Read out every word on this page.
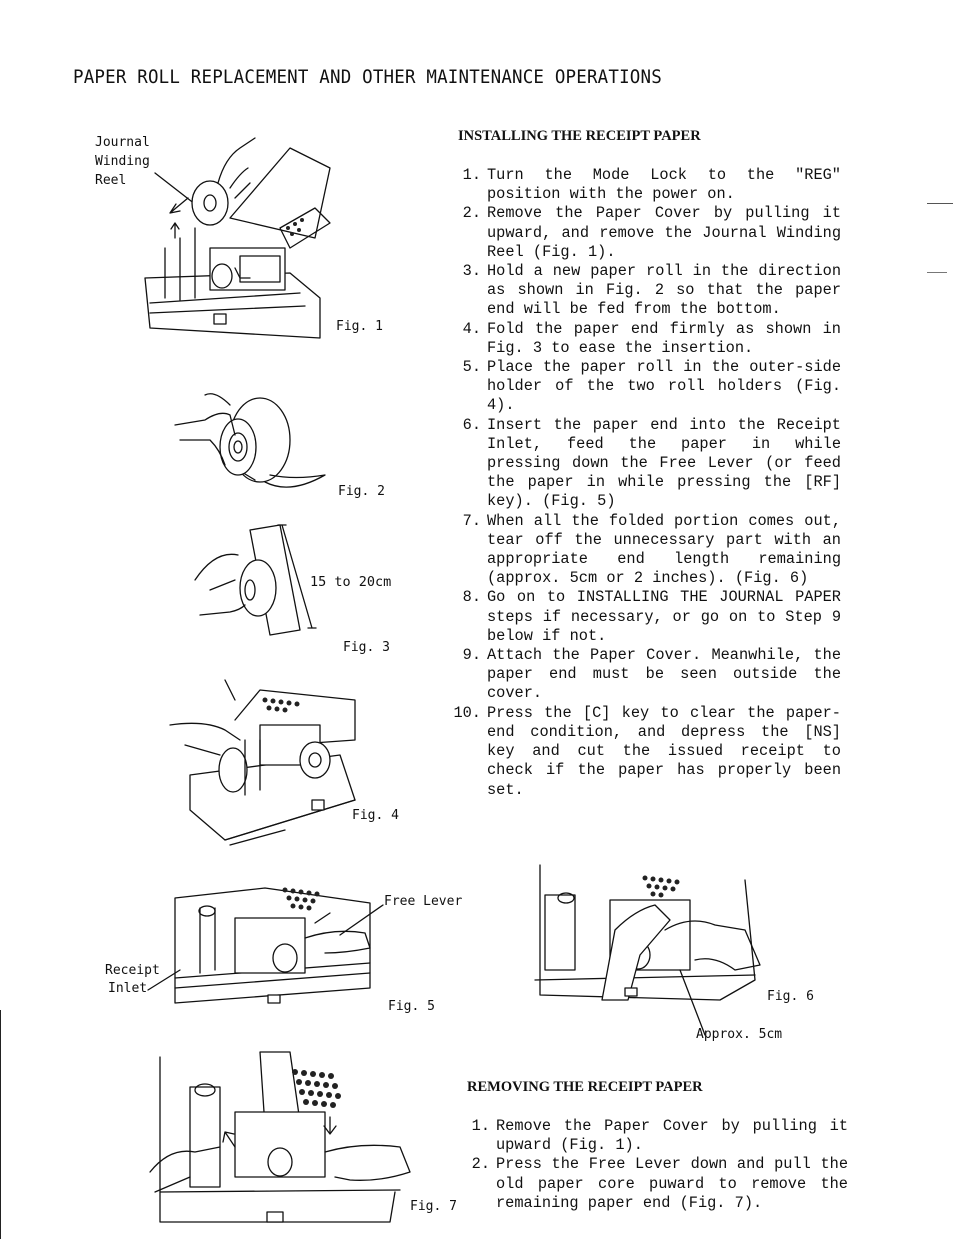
PAPER ROLL REPLACEMENT AND OTHER MAINTENANCE OPERATIONS
INSTALLING THE RECEIPT PAPER
1. Turn the Mode Lock to the "REG" position with the power on.
2. Remove the Paper Cover by pulling it upward, and remove the Journal Winding Reel (Fig. 1).
3. Hold a new paper roll in the direction as shown in Fig. 2 so that the paper end will be fed from the bottom.
4. Fold the paper end firmly as shown in Fig. 3 to ease the insertion.
5. Place the paper roll in the outer-side holder of the two roll holders (Fig. 4).
6. Insert the paper end into the Receipt Inlet, feed the paper in while pressing down the Free Lever (or feed the paper in while pressing the [RF] key). (Fig. 5)
7. When all the folded portion comes out, tear off the unnecessary part with an appropriate end length remaining (approx. 5cm or 2 inches). (Fig. 6)
8. Go on to INSTALLING THE JOURNAL PAPER steps if necessary, or go on to Step 9 below if not.
9. Attach the Paper Cover. Meanwhile, the paper end must be seen outside the cover.
10. Press the [C] key to clear the paper-end condition, and depress the [NS] key and cut the issued receipt to check if the paper has properly been set.
REMOVING THE RECEIPT PAPER
1. Remove the Paper Cover by pulling it upward (Fig. 1).
2. Press the Free Lever down and pull the old paper core puward to remove the remaining paper end (Fig. 7).
Journal
Winding
Reel
Fig. 1
Fig. 2
15 to 20cm
Fig. 3
Fig. 4
Free Lever
Receipt
Inlet
Fig. 5
Fig. 6
Approx. 5cm
Fig. 7
